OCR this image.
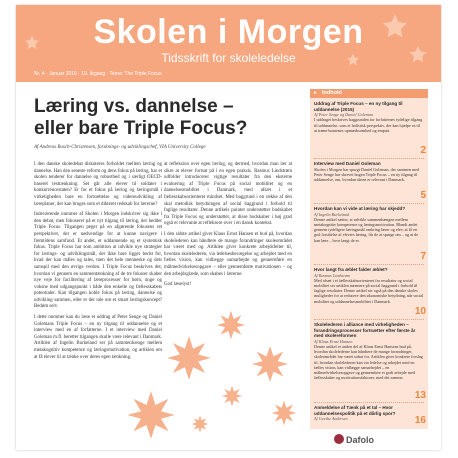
Skolen i Morgen
Tidsskrift for skoleledelse
Nr. 4 · Januar 2016 · 19. årgang · Tema: The Triple Focus
Læring vs. dannelse –
eller bare Triple Focus?
Af Andreas Rasch-Christensen, forsknings- og udviklingschef, VIA University College

I den danske skoledebat diskuteres forholdet mellem læring og dannelse. Han den seneste reform og dens fokus på læring, har et skolen tenderer for dannelse og robusthed og i særligt OECD-baseret testtænkning. Set går alle elever til soldater i konkurrencestaten? Er for et fokus på læring og læringsmål i virkeligheden bare en fortsættelse og videreudvikling af læreplaner, der kan bruges som et dikteret redskab for lærerne?

Indeværende nummer af Skolen i Morgen indskriver sig ikke i den debat, men fokuserer på et nyt tilgang til læring, der hedder Triple Focus. Tilgangen peger på en afgørende fokusens ret perspektivet, der er nødvendige for at kunne navigere i fremtidens samfund. Et andet, et uddannende og et systemisk fokus. Triple Focus har som ambition at udvikle nye strategier for lærings- og udviklingsmål, der ikke bare ligger bedst for, hvad der kan måles og tales, men det hele menneske og dets samspil med den øvrige verden. I Triple Focus beskrives det, hvordan vi gennem en sammentænkning af de tre fokuser skaber nye veje for facilitering af læreprocesser for børn, unge og voksne med udgangspunkt i både den enkelte og fællesskabets potentialer. Kan tilgangen koble fokus på læring, dannelse og udvikling sammen, eller er der tale om et smart læringskoncept? Bedøm selv.

I dette nummer kan du læse et uddrag af Peter Senge og Daniel Golemans Triple Focus – en ny tilgang til uddannelse og et interview med en af forfatterne. I et interview med Daniel Goleman m.fl. beretter tilgangen skulle være relevant i Danmark. Artiklen af Ingelin Burkeland ser på sammenhænge mellem metakognitiv kompetence og læringsmotivation, og artiklen om at få elever til at tænke over deres egen tænkning.

at refleksion over egen læring, og dermed, hvordan man lær at sikre at elever fortsat på i en egen praksis. Rasmus Lindstrøm udfolder introducerer vigtige resultater fra den eksterne evaluering af Triple Focus på social mobilitet og en dannelsesmoblitet i Danmark, med afsæt i et fællesskabsorienteret mindset. Med baggrund i en række af den skal metodisk betydningen af social baggrund i forhold til faglige resultater. Denne artikels pointer understøtter budskabet fra Triple Focus og understøtter, at disse budskaber i høj grad også er relevante at refleksere over i en dansk kontekst.

I den sidste artikel giver Klaus Ernst Hansen et bud på, hvordan skolelederen kan håndtere de mange forandringer skoleområdet har været med og. Artiklen giver konkrete arbejdsfelter til, hvordan skolelederen, via ledelsesbevægelse og arbejdet med en fælles vision, kan vidlægge samarbejde og gennemføre en målmedvirkelsesopgave – eller gennemførte motivationen – og den arbejdsglæde, som skabes i lærerne.

God læselyst!

▸ Indhold
Uddrag af Triple Focus – en ny tilgang til uddannelse (2015)
Af Peter Senge og Daniel Goleman
I uddraget beskrives baggrunden for forfatternes tydelige tilgang til uddannelse, som et holistisk perspektiv, der kan hjælpe os til at træne børnenes opmærksomhed og empati.
2
Interview med Daniel Goleman
Skolen i Morgen har spurgt Daniel Goleman, der sammen med Peter Senge har skrevet bogen Triple Focus – en ny tilgang til uddannelse, om, hvordan ideen er relevant i Danmark.
5
Hvordan kan vi vide at læring har skjedd?
Af Ingelin Burkeland
Denne artikel sætter, at udvikle sammenhængen mellem metakognitiv kompetence og læringsmotivation. Blandt andet gennem tydeligere læringsmål omkring lærer og elev, at få en god forståelse af elevers læring, får de at spørge om – og at de kan lære – hvor langt de er.
7
Hvor langt fra æblet falder æblet?
Af Rasmus Lindstrøm
Med afsæt i et fællesskabsorienteret fra resultater og social mobilitet ser artiklen nærmere på social baggrund i forhold til faglige resultater. Denne artikel ser også på den danske skoles muligheder for at reducere den økonomiske betydning, når social mobilitet og uddannelsesmobilitet i Danmark.
10
Skolelederen i alliance med virkeligheden – forandringsprocesser fortsætter efter første år med skolereformen
Af Klaus Ernst Hansen
Denne artikel er anden del af Klaus Ernst Hansens bud på, hvordan skolelederne kan håndtere de mange forandringer, skoleområdet har været udsat for. Artiklen giver konkrete forslag til, hvordan skolelederen kan via ledelse og arbejdet med en fælles vision, kan vidlægge samarbejdet – en målmedvirkelsesopgave og gennemføre et godt arbejde med fællesskaber og motivationsfaktorer, med det samme.
13
Anmeldelse af Tænk på et tal – Hvor uddannelsespolitik på et dårlig spor?
Af Goethe Andersen	16
Dafolo
